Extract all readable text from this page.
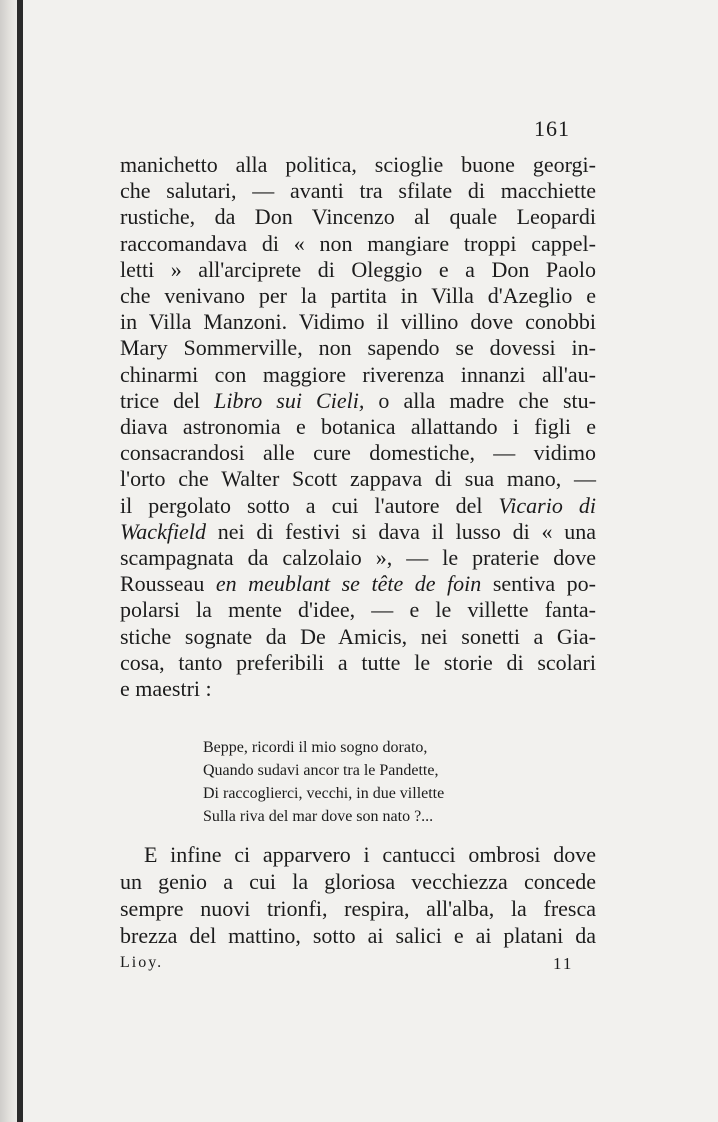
161
manichetto alla politica, scioglie buone georgi-
che salutari, — avanti tra sfilate di macchiette
rustiche, da Don Vincenzo al quale Leopardi
raccomandava di « non mangiare troppi cappel-
letti » all'arciprete di Oleggio e a Don Paolo
che venivano per la partita in Villa d'Azeglio e
in Villa Manzoni. Vidimo il villino dove conobbi
Mary Sommerville, non sapendo se dovessi in-
chinarmi con maggiore riverenza innanzi all'au-
trice del Libro sui Cieli, o alla madre che stu-
diava astronomia e botanica allattando i figli e
consacrandosi alle cure domestiche, — vidimo
l'orto che Walter Scott zappava di sua mano, —
il pergolato sotto a cui l'autore del Vicario di
Wackfield nei di festivi si dava il lusso di « una
scampagnata da calzolaio », — le praterie dove
Rousseau en meublant se tête de foin sentiva po-
polarsi la mente d'idee, — e le villette fanta-
stiche sognate da De Amicis, nei sonetti a Gia-
cosa, tanto preferibili a tutte le storie di scolari
e maestri :
Beppe, ricordi il mio sogno dorato,
Quando sudavi ancor tra le Pandette,
Di raccoglierci, vecchi, in due villette
Sulla riva del mar dove son nato ?...
E infine ci apparvero i cantucci ombrosi dove
un genio a cui la gloriosa vecchiezza concede
sempre nuovi trionfi, respira, all'alba, la fresca
brezza del mattino, sotto ai salici e ai platani da
Lioy.	11
